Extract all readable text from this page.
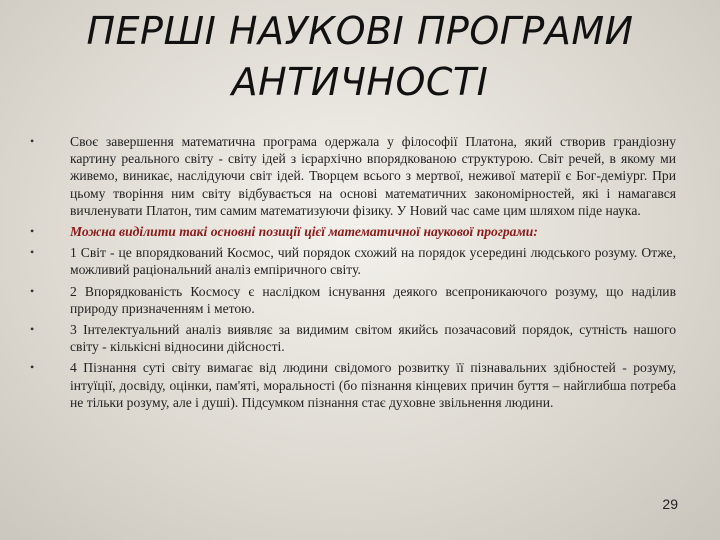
ПЕРШІ НАУКОВІ ПРОГРАМИ АНТИЧНОСТІ
•	Своє завершення математична програма одержала у філософії Платона, який створив грандіозну картину реального світу - світу ідей з ієрархічно впорядкованою структурою. Світ речей, в якому ми живемо, виникає, наслідуючи світ ідей. Творцем всього з мертвої, неживої матерії є Бог-деміург. При цьому творіння ним світу відбувається на основі математичних закономірностей, які і намагався вичленувати Платон, тим самим математизуючи фізику. У Новий час саме цим шляхом піде наука.
•	Можна виділити такі основні позиції цієї математичної наукової програми:
•	1 Світ - це впорядкований Космос, чий порядок схожий на порядок усередині людського розуму. Отже, можливий раціональний аналіз емпіричного світу.
•	2 Впорядкованість Космосу є наслідком існування деякого всепроникаючого розуму, що наділив природу призначенням і метою.
•	3 Інтелектуальний аналіз виявляє за видимим світом якийсь позачасовий порядок, сутність нашого світу - кількісні відносини дійсності.
•	4 Пізнання суті світу вимагає від людини свідомого розвитку її пізнавальних здібностей - розуму, інтуїції, досвіду, оцінки, пам'яті, моральності (бо пізнання кінцевих причин буття – найглибша потреба не тільки розуму, але і душі). Підсумком пізнання стає духовне звільнення людини.
29
